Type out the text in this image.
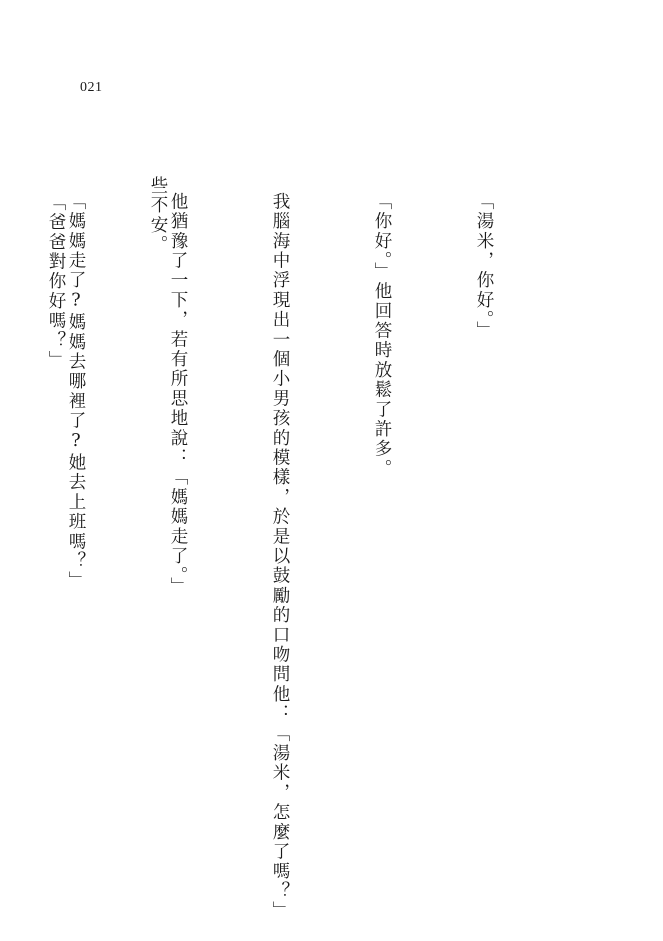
021

「湯米，你好。」

「你好。」他回答時放鬆了許多。

我腦海中浮現出一個小男孩的模樣，於是以鼓勵的口吻問他：「湯米，怎麼了嗎？」

他猶豫了一下，若有所思地說：「媽媽走了。」

「媽媽走了?媽媽去哪裡了?她去上班嗎？」

	些不安。

「爸爸對你好嗎？」
